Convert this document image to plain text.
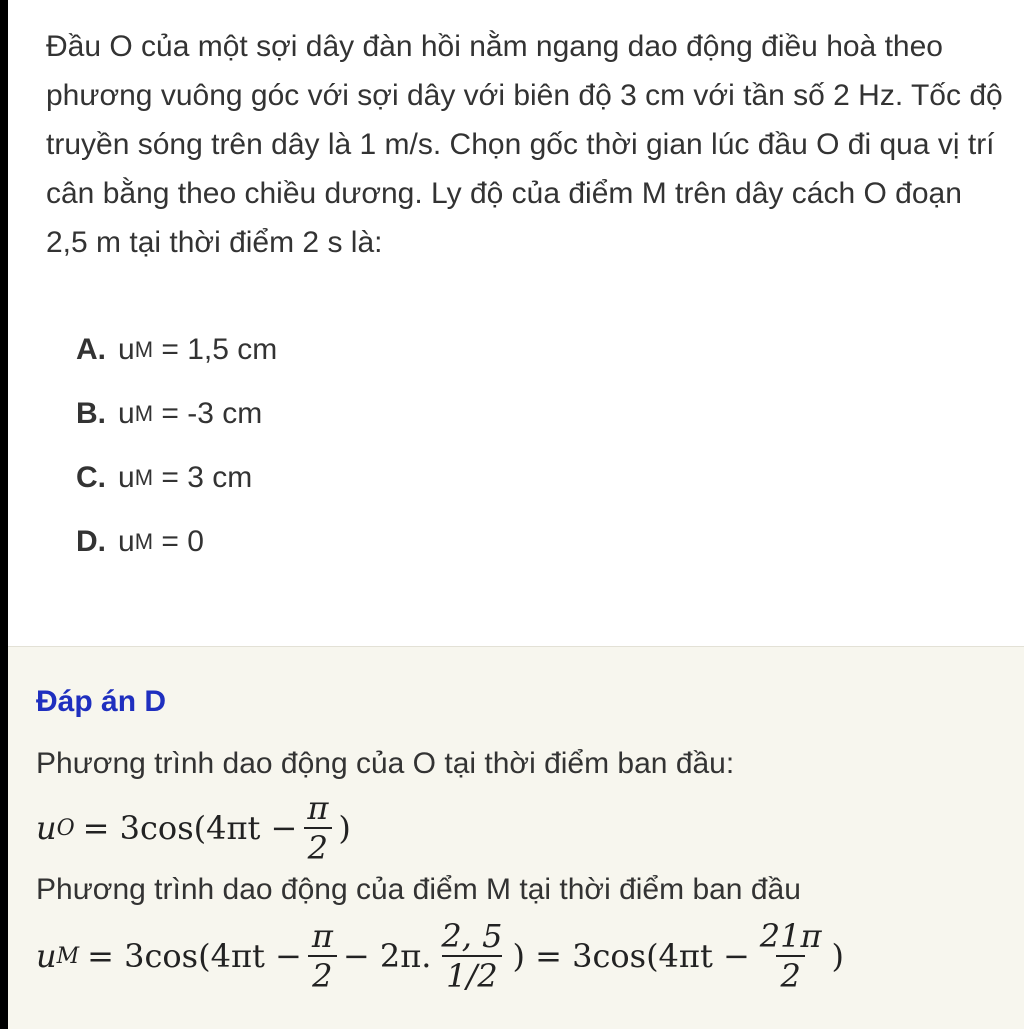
Đầu O của một sợi dây đàn hồi nằm ngang dao động điều hoà theo phương vuông góc với sợi dây với biên độ 3 cm với tần số 2 Hz. Tốc độ truyền sóng trên dây là 1 m/s. Chọn gốc thời gian lúc đầu O đi qua vị trí cân bằng theo chiều dương. Ly độ của điểm M trên dây cách O đoạn 2,5 m tại thời điểm 2 s là:
A. u M = 1,5 cm
B. u M = -3 cm
C. u M = 3 cm
D. u M = 0
Đáp án D
Phương trình dao động của O tại thời điểm ban đầu:
u $O = 3\cos(4\pi t - \frac{\pi}{2}$ )
Phương trình dao động của điểm M tại thời điểm ban đầu
u $M = 3\cos(4\pi t - \frac{\pi}{2} - 2\pi$. $\frac{2, 5}{1/2}$ ) = $3\cos(4\pi t - \frac{21\pi}{2}$ )
